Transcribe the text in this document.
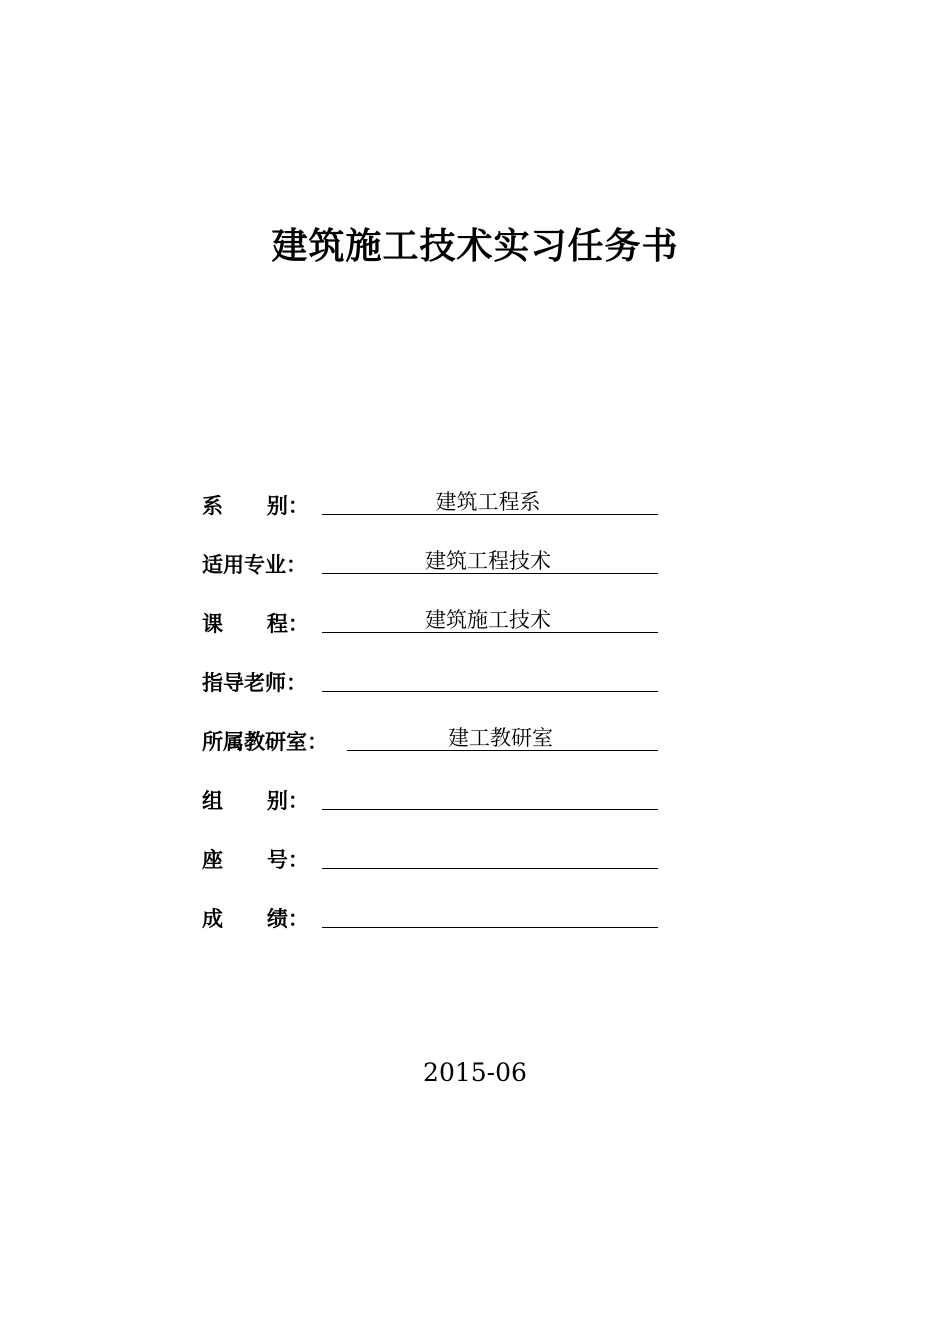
建筑施工技术实习任务书
系      别：	建筑工程系
适用专业：	建筑工程技术
课      程：	建筑施工技术
指导老师：
所属教研室：	建工教研室
组      别：
座      号：
成      绩：
2015-06
